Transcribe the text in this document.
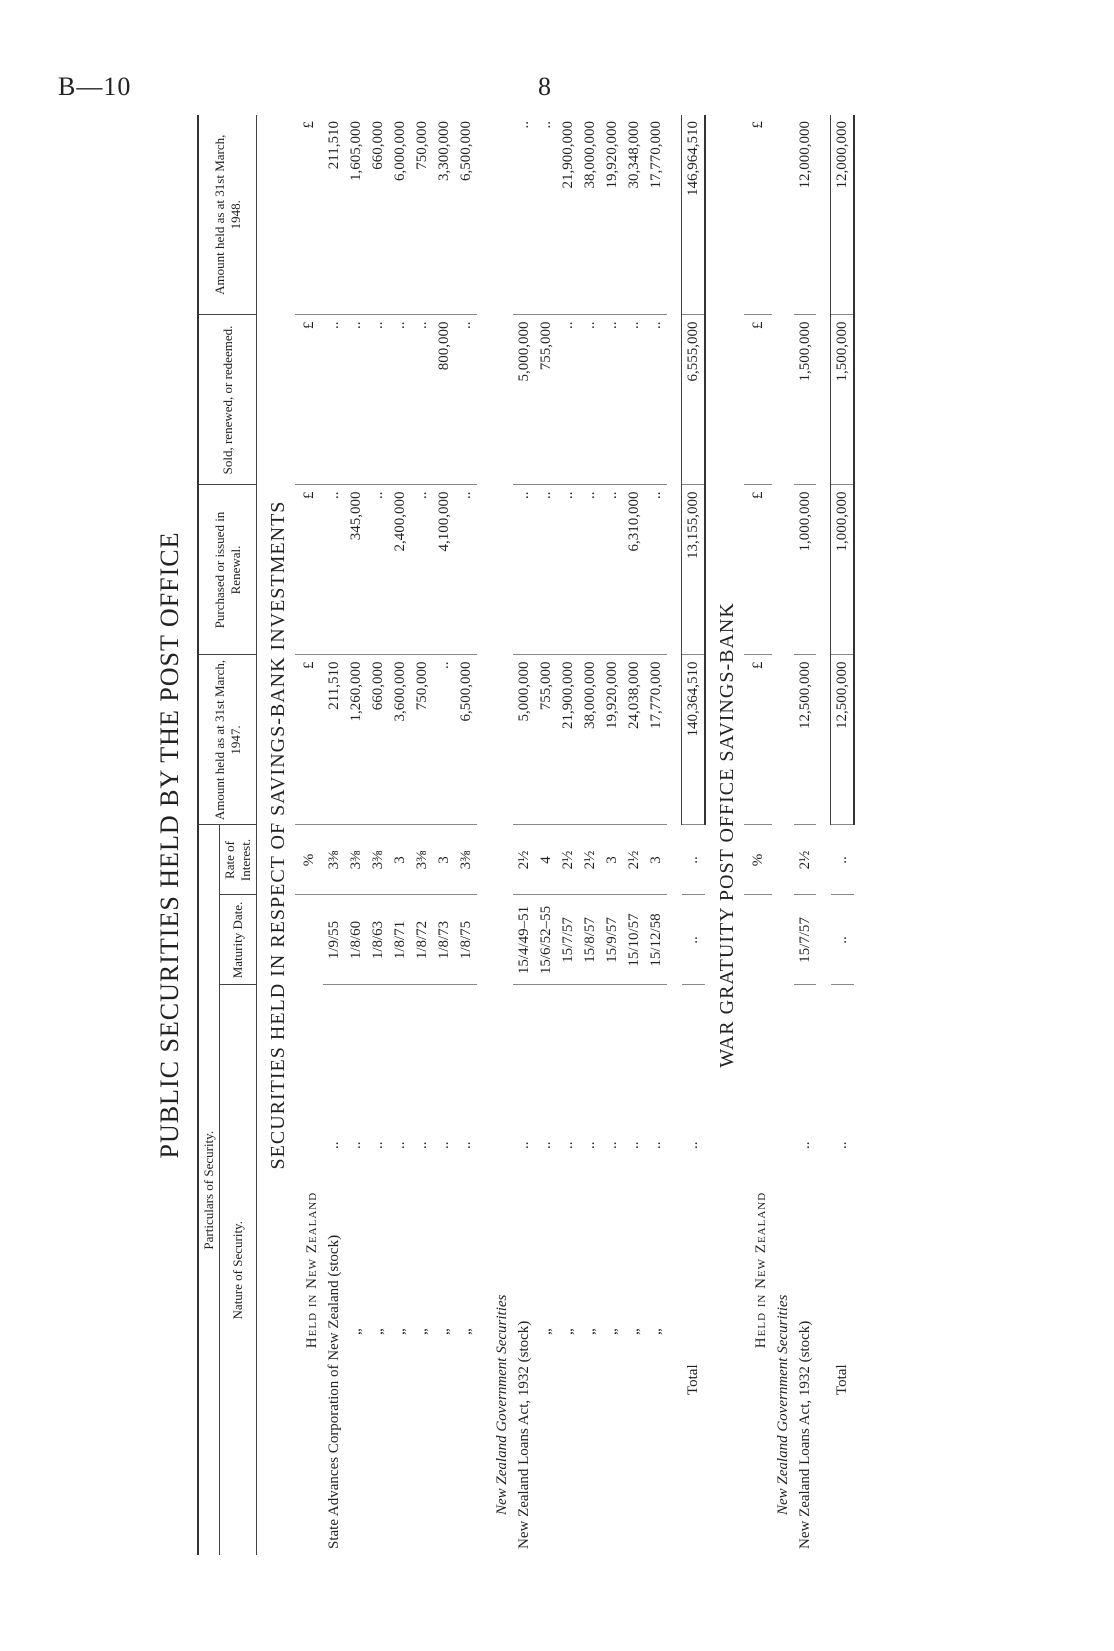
B—10	8
PUBLIC SECURITIES HELD BY THE POST OFFICE
Particulars of Security.				Amount held as at 31st March, 1947.	Purchased or issued in Renewal.	Sold, renewed, or redeemed.	Amount held as at 31st March, 1948.
Nature of Security.		Maturity Date.	Rate of Interest.				
SECURITIES HELD IN RESPECT OF SAVINGS-BANK INVESTMENTS							
Held in New Zealand			%	£	£	£	£
State Advances Corporation of New Zealand (stock)	..	1/9/55	3⅜	211,510	..	..	211,510
„	..	1/8/60	3⅜	1,260,000	345,000	..	1,605,000
„	..	1/8/63	3⅜	660,000	..	..	660,000
„	..	1/8/71	3	3,600,000	2,400,000	..	6,000,000
„	..	1/8/72	3⅜	750,000	..	..	750,000
„	..	1/8/73	3	..	4,100,000	800,000	3,300,000
„	..	1/8/75	3⅜	6,500,000	..	..	6,500,000

New Zealand Government Securities							
New Zealand Loans Act, 1932 (stock)	..	15/4/49–51	2½	5,000,000	..	5,000,000	..
„	..	15/6/52–55	4	755,000	..	755,000	..
„	..	15/7/57	2½	21,900,000	..	..	21,900,000
„	..	15/8/57	2½	38,000,000	..	..	38,000,000
„	..	15/9/57	3	19,920,000	..	..	19,920,000
„	..	15/10/57	2½	24,038,000	6,310,000	..	30,348,000
„	..	15/12/58	3	17,770,000	..	..	17,770,000

Total	..	..	..	140,364,510	13,155,000	6,555,000	146,964,510
WAR GRATUITY POST OFFICE SAVINGS-BANK							
Held in New Zealand			%	£	£	£	£
New Zealand Government Securities							
New Zealand Loans Act, 1932 (stock)	..	15/7/57	2½	12,500,000	1,000,000	1,500,000	12,000,000

Total	..	..	..	12,500,000	1,000,000	1,500,000	12,000,000
